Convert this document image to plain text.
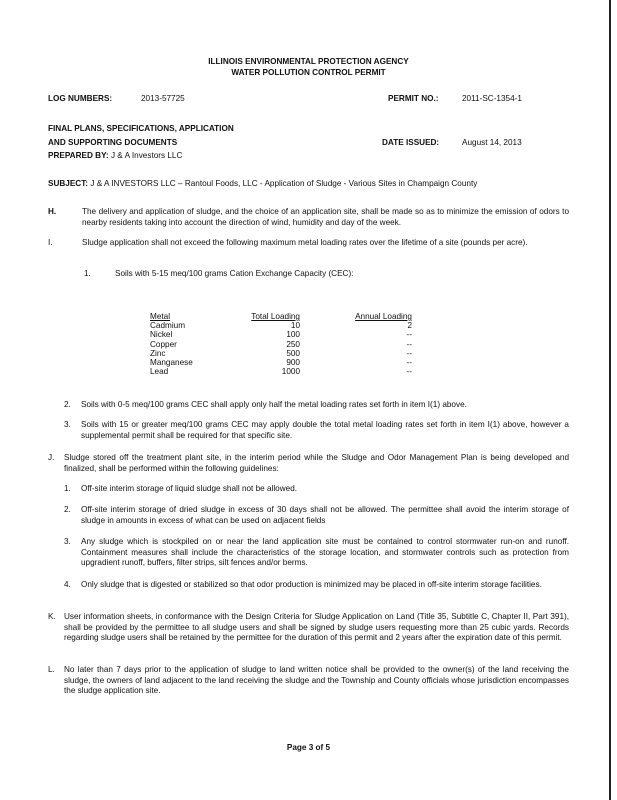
ILLINOIS ENVIRONMENTAL PROTECTION AGENCY
WATER POLLUTION CONTROL PERMIT
LOG NUMBERS:	2013-57725	PERMIT NO.:	2011-SC-1354-1
FINAL PLANS, SPECIFICATIONS, APPLICATION
AND SUPPORTING DOCUMENTS
PREPARED BY: J & A Investors LLC
DATE ISSUED:	August 14, 2013
SUBJECT: J & A INVESTORS LLC – Rantoul Foods, LLC - Application of Sludge - Various Sites in Champaign County
H.	The delivery and application of sludge, and the choice of an application site, shall be made so as to minimize the emission of odors to nearby residents taking into account the direction of wind, humidity and day of the week.
I.	Sludge application shall not exceed the following maximum metal loading rates over the lifetime of a site (pounds per acre).
1.	Soils with 5-15 meq/100 grams Cation Exchange Capacity (CEC):
Metal	Total Loading	Annual Loading
Cadmium	10	2
Nickel	100	--
Copper	250	--
Zinc	500	--
Manganese	900	--
Lead	1000	--
2. Soils with 0-5 meq/100 grams CEC shall apply only half the metal loading rates set forth in item I(1) above.
3. Soils with 15 or greater meq/100 grams CEC may apply double the total metal loading rates set forth in item I(1) above, however a supplemental permit shall be required for that specific site.
J. Sludge stored off the treatment plant site, in the interim period while the Sludge and Odor Management Plan is being developed and finalized, shall be performed within the following guidelines:
1. Off-site interim storage of liquid sludge shall not be allowed.
2. Off-site interim storage of dried sludge in excess of 30 days shall not be allowed. The permittee shall avoid the interim storage of sludge in amounts in excess of what can be used on adjacent fields
3. Any sludge which is stockpiled on or near the land application site must be contained to control stormwater run-on and runoff. Containment measures shall include the characteristics of the storage location, and stormwater controls such as protection from upgradient runoff, buffers, filter strips, silt fences and/or berms.
4. Only sludge that is digested or stabilized so that odor production is minimized may be placed in off-site interim storage facilities.
K. User information sheets, in conformance with the Design Criteria for Sludge Application on Land (Title 35, Subtitle C, Chapter II, Part 391), shall be provided by the permittee to all sludge users and shall be signed by sludge users requesting more than 25 cubic yards. Records regarding sludge users shall be retained by the permittee for the duration of this permit and 2 years after the expiration date of this permit.
L. No later than 7 days prior to the application of sludge to land written notice shall be provided to the owner(s) of the land receiving the sludge, the owners of land adjacent to the land receiving the sludge and the Township and County officials whose jurisdiction encompasses the sludge application site.
Page 3 of 5
